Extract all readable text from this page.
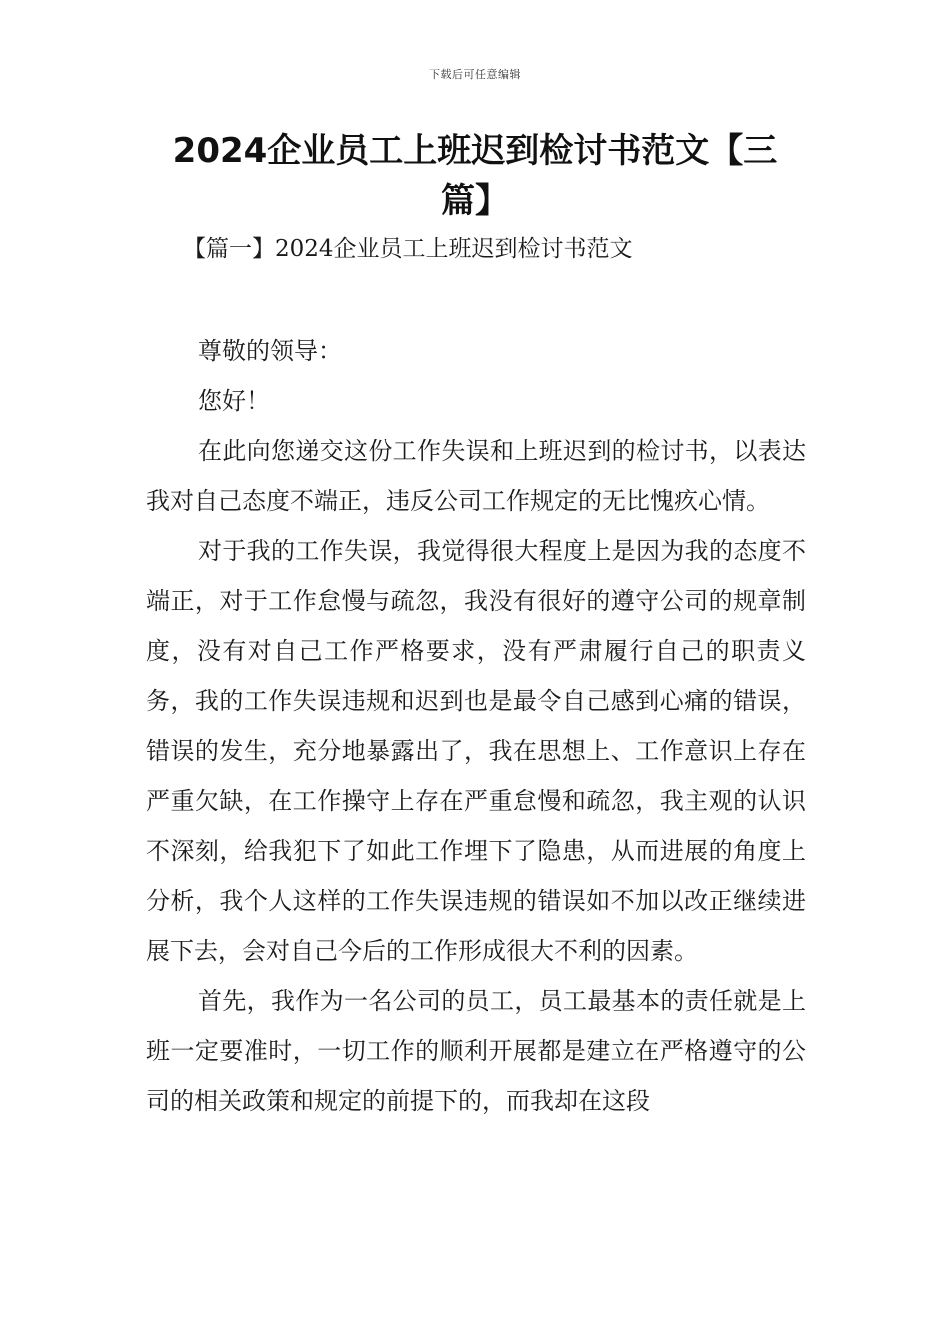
下载后可任意编辑
2024企业员工上班迟到检讨书范文【三篇】
【篇一】2024企业员工上班迟到检讨书范文

尊敬的领导：

您好！

在此向您递交这份工作失误和上班迟到的检讨书，以表达我对自己态度不端正，违反公司工作规定的无比愧疚心情。

对于我的工作失误，我觉得很大程度上是因为我的态度不端正，对于工作怠慢与疏忽，我没有很好的遵守公司的规章制度，没有对自己工作严格要求，没有严肃履行自己的职责义务，我的工作失误违规和迟到也是最令自己感到心痛的错误，错误的发生，充分地暴露出了，我在思想上、工作意识上存在严重欠缺，在工作操守上存在严重怠慢和疏忽，我主观的认识不深刻，给我犯下了如此工作埋下了隐患，从而进展的角度上分析，我个人这样的工作失误违规的错误如不加以改正继续进展下去，会对自己今后的工作形成很大不利的因素。

首先，我作为一名公司的员工，员工最基本的责任就是上班一定要准时，一切工作的顺利开展都是建立在严格遵守的公司的相关政策和规定的前提下的，而我却在这段
